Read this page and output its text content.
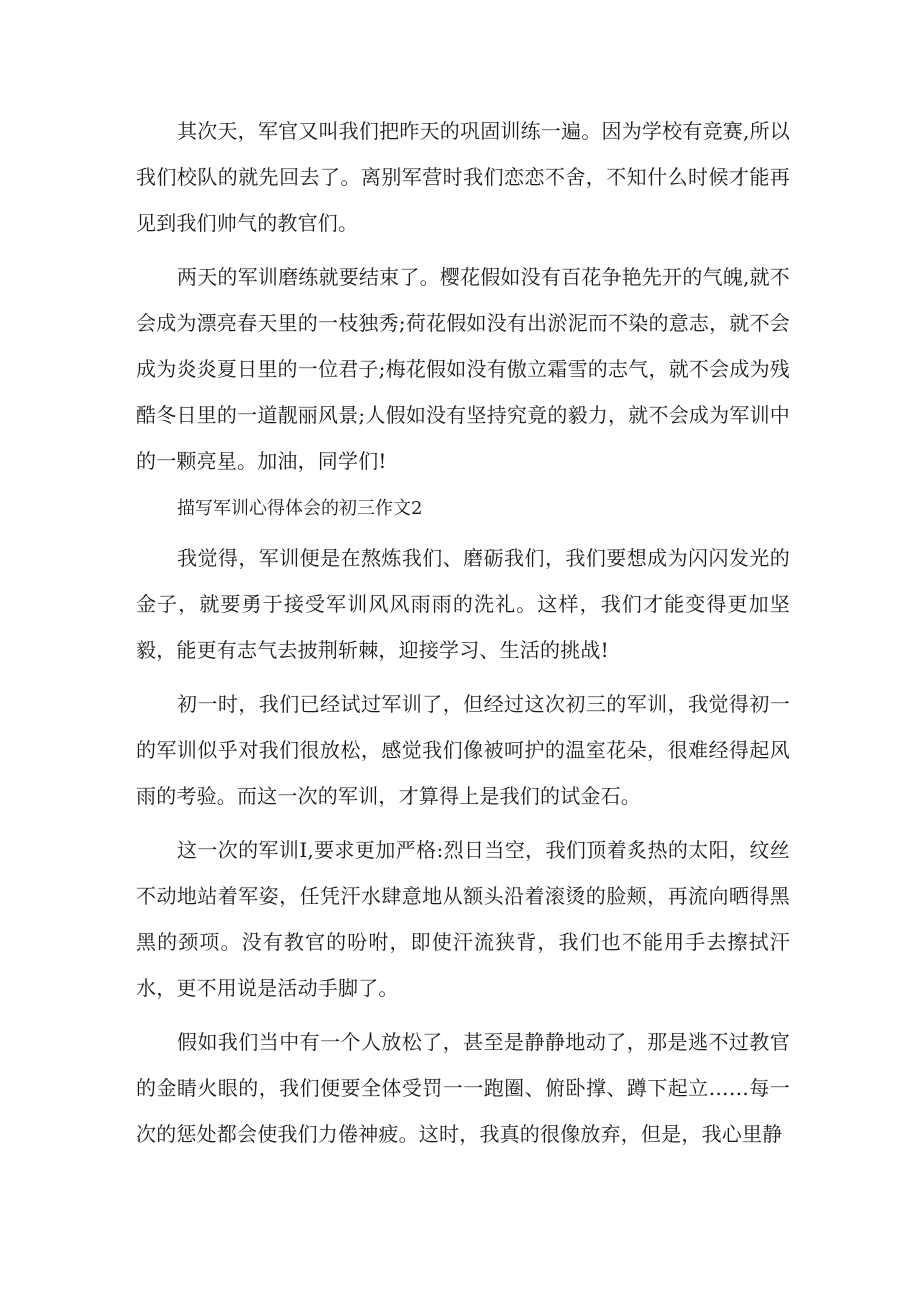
其次天，军官又叫我们把昨天的巩固训练一遍。因为学校有竞赛,所以我们校队的就先回去了。离别军营时我们恋恋不舍，不知什么时候才能再见到我们帅气的教官们。

两天的军训磨练就要结束了。樱花假如没有百花争艳先开的气魄,就不会成为漂亮春天里的一枝独秀;荷花假如没有出淤泥而不染的意志，就不会成为炎炎夏日里的一位君子;梅花假如没有傲立霜雪的志气，就不会成为残酷冬日里的一道靓丽风景;人假如没有坚持究竟的毅力，就不会成为军训中的一颗亮星。加油，同学们!

描写军训心得体会的初三作文2

我觉得，军训便是在熬炼我们、磨砺我们，我们要想成为闪闪发光的金子，就要勇于接受军训风风雨雨的洗礼。这样，我们才能变得更加坚毅，能更有志气去披荆斩棘，迎接学习、生活的挑战!

初一时，我们已经试过军训了，但经过这次初三的军训，我觉得初一的军训似乎对我们很放松，感觉我们像被呵护的温室花朵，很难经得起风雨的考验。而这一次的军训，才算得上是我们的试金石。

这一次的军训I,要求更加严格:烈日当空，我们顶着炙热的太阳，纹丝不动地站着军姿，任凭汗水肆意地从额头沿着滚烫的脸颊，再流向晒得黑黑的颈项。没有教官的吩咐，即使汗流狭背，我们也不能用手去擦拭汗水，更不用说是活动手脚了。

假如我们当中有一个人放松了，甚至是静静地动了，那是逃不过教官的金睛火眼的，我们便要全体受罚一一跑圈、俯卧撑、蹲下起立……每一次的惩处都会使我们力倦神疲。这时，我真的很像放弃，但是，我心里静
